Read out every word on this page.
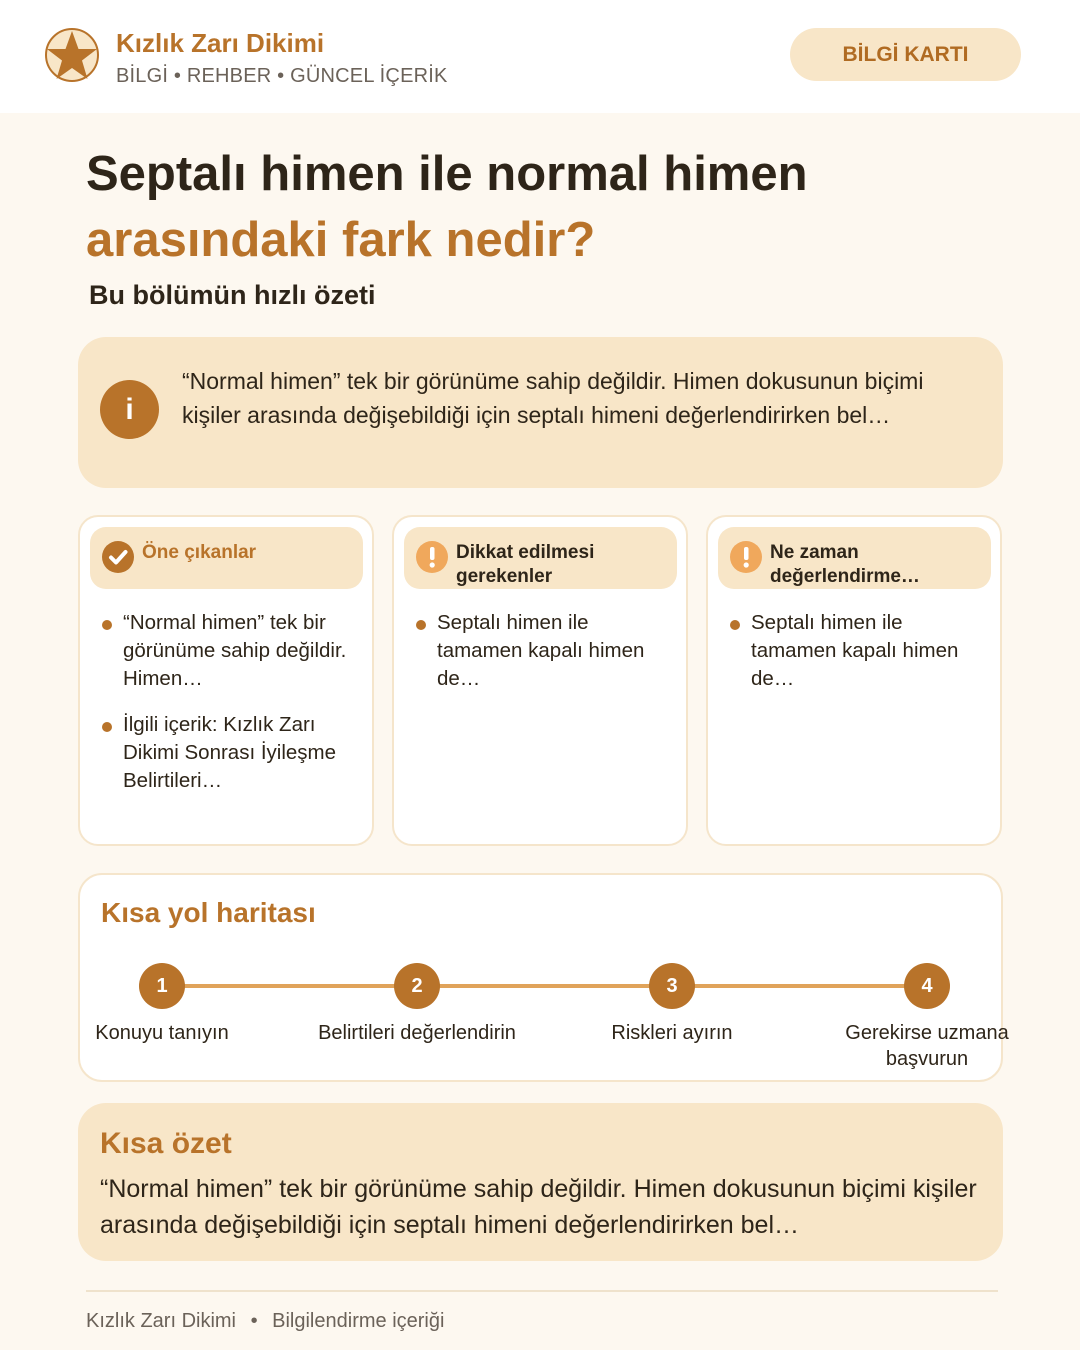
Kızlık Zarı Dikimi
BİLGİ • REHBER • GÜNCEL İÇERİK
BİLGİ KARTI
Septalı himen ile normal himen
arasındaki fark nedir?
Bu bölümün hızlı özeti
i

“Normal himen” tek bir görünüme sahip değildir. Himen dokusunun biçimi kişiler arasında değişebildiği için septalı himeni değerlendirirken bel…

Öne çıkanlar
“Normal himen” tek bir görünüme sahip değildir. Himen…
İlgili içerik: Kızlık Zarı Dikimi Sonrası İyileşme Belirtileri…
Dikkat edilmesi gerekenler
Septalı himen ile tamamen kapalı himen de…
Ne zaman değerlendirme…
Septalı himen ile tamamen kapalı himen de…
Kısa yol haritası
1	2	3	4
Konuyu tanıyın	Belirtileri değerlendirin	Riskleri ayırın	Gerekirse uzmana başvurun
Kısa özet

“Normal himen” tek bir görünüme sahip değildir. Himen dokusunun biçimi kişiler arasında değişebildiği için septalı himeni değerlendirirken bel…

Kızlık Zarı Dikimi • Bilgilendirme içeriği
